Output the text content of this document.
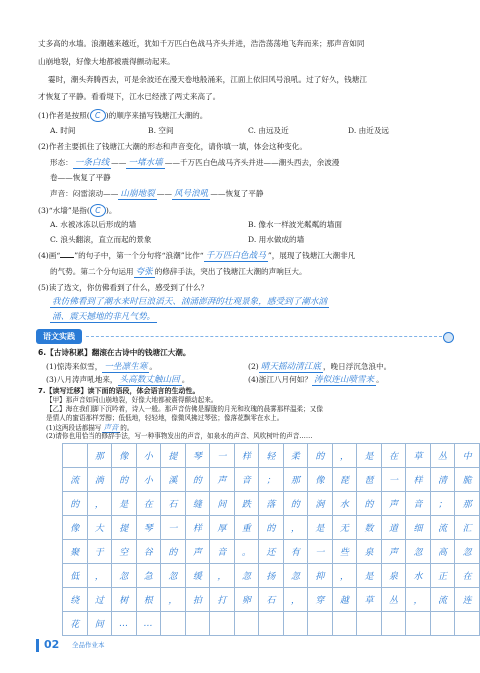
丈多高的水墙。浪潮越来越近，犹如千万匹白色战马齐头并进，浩浩荡荡地飞奔而来；那声音如同
山崩地裂，好像大地都被震得颤动起来。
霎时，潮头奔腾西去，可是余波还在漫天卷地般涌来，江面上依旧风号浪吼。过了好久，钱塘江
才恢复了平静。看看堤下，江水已经涨了两丈来高了。
(1)作者是按照( C )的顺序来描写钱塘江大潮的。
A. 时间	B. 空间	C. 由远及近	D. 由近及远
(2)作者主要抓住了钱塘江大潮的形态和声音变化，请你填一填，体会这种变化。
形态： 一条白线 —— 一堵水墙 ——千万匹白色战马齐头并进——潮头西去，余波漫
卷——恢复了平静
声音：闷雷滚动—— 山崩地裂 —— 风号浪吼 ——恢复了平静
(3)“水墙”是指( C )。
A. 水被冰冻以后形成的墙	B. 像水一样波光粼粼的墙面
C. 浪头翻滚，直立而起的景象	D. 用水做成的墙
(4)画“ ”的句子中，第一个分句将“浪潮”比作“ 千万匹白色战马 ”，展现了钱塘江大潮非凡
的气势。第二个分句运用 夸张 的修辞手法，突出了钱塘江大潮的声响巨大。
(5)读了选文，你仿佛看到了什么，感受到了什么？
我仿佛看到了潮水来时巨浪滔天、汹涌澎湃的壮观景象，感受到了潮水汹
涌、震天撼地的非凡气势。
语文实践
6.【古诗积累】翻滚在古诗中的钱塘江大潮。
(1)惊涛来似雪， 一坐凛生寒 。	(2) 晴天摇动清江底 ，晚日浮沉急浪中。
(3)八月涛声吼地来， 头高数丈触山回 。	(4)浙江八月何如？ 涛似连山喷雪来 。
7.【读写迁移】读下面的语段，体会语言的生动性。
	那	像	小	提	琴	一	样	轻	柔	的	，	是	在	草	丛	中
流	淌	的	小	溪	的	声	音	；	那	像	琵	琶	一	样	清	脆
的	，	是	在	石	缝	间	跌	落	的	涧	水	的	声	音	；	那
像	大	提	琴	一	样	厚	重	的	，	是	无	数	道	细	流	汇
聚	于	空	谷	的	声	音	。	还	有	一	些	泉	声	忽	高	忽
低	，	忽	急	忽	缓	，	忽	扬	忽	抑	，	是	泉	水	正	在
绕	过	树	根	，	拍	打	卵	石	，	穿	越	草	丛	，	流	连
花	间	…	…													
02 全品作业本
【甲】那声音如同山崩地裂，好像大地都被震得颤动起来。
【乙】海在我们脚下沉吟着，诗人一般。那声音仿佛是朦胧的月光和玫瑰的晨雾那样温柔；又像
是情人的蜜语那样芳醇；低低地，轻轻地，像微风拂过琴弦；像落花飘零在水上。
(1)这两段话都描写 声音 的。
(2)请你也用恰当的修辞手法，写一种事物发出的声音，如泉水的声音、风吹树叶的声音……
